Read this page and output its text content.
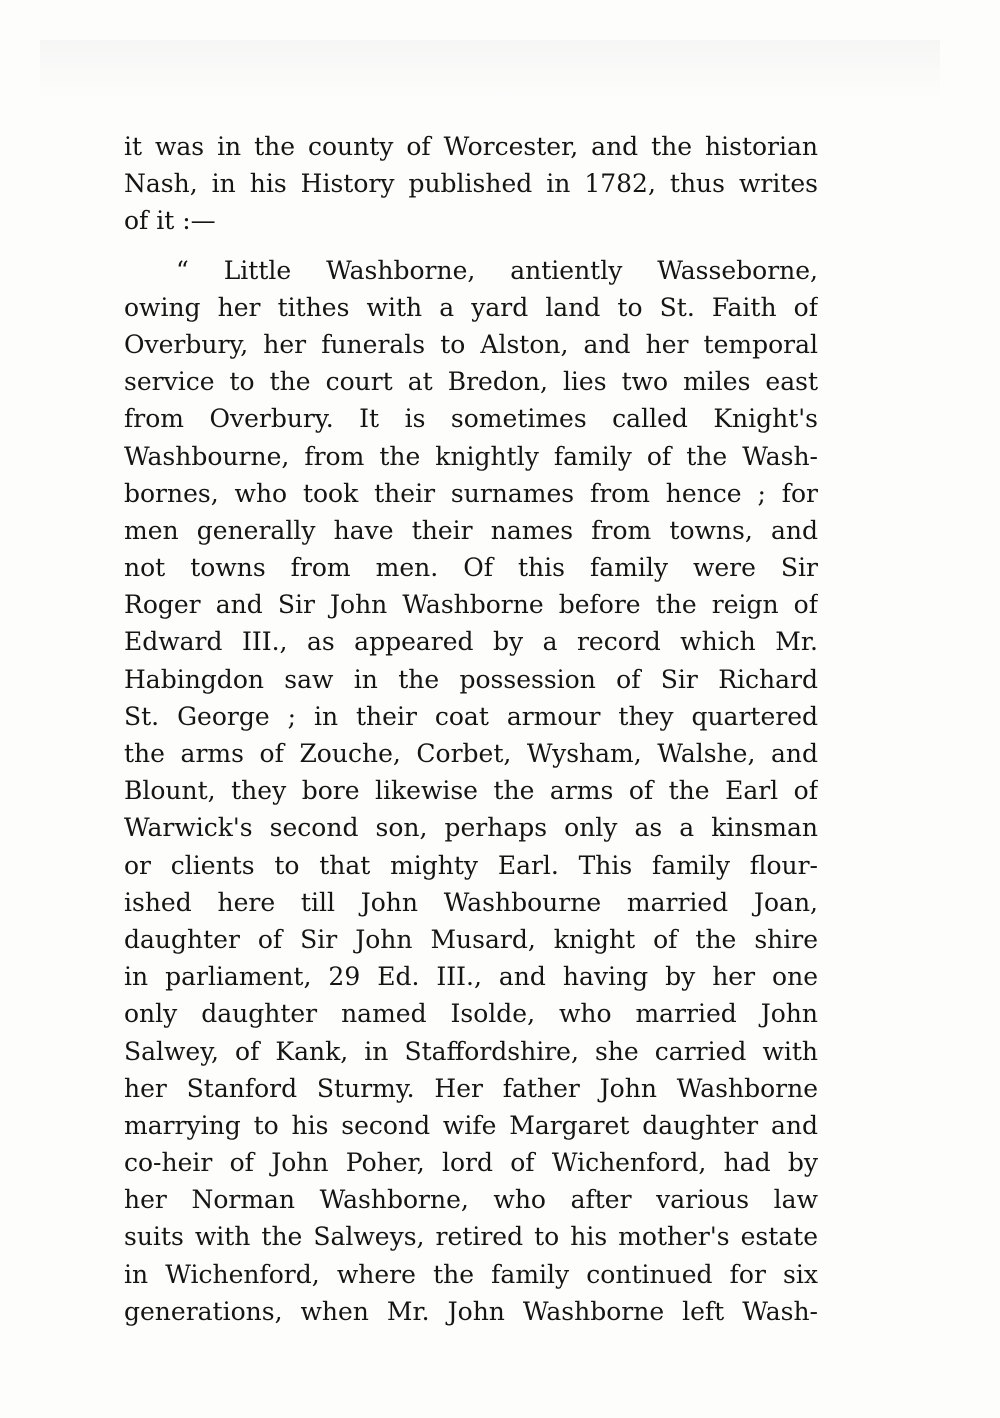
it was in the county of Worcester, and the historian
Nash, in his History published in 1782, thus writes
of it :—
“ Little Washborne, antiently Wasseborne,
owing her tithes with a yard land to St. Faith of
Overbury, her funerals to Alston, and her temporal
service to the court at Bredon, lies two miles east
from Overbury. It is sometimes called Knight's
Washbourne, from the knightly family of the Wash-
bornes, who took their surnames from hence ; for
men generally have their names from towns, and
not towns from men. Of this family were Sir
Roger and Sir John Washborne before the reign of
Edward III., as appeared by a record which Mr.
Habingdon saw in the possession of Sir Richard
St. George ; in their coat armour they quartered
the arms of Zouche, Corbet, Wysham, Walshe, and
Blount, they bore likewise the arms of the Earl of
Warwick's second son, perhaps only as a kinsman
or clients to that mighty Earl. This family flour-
ished here till John Washbourne married Joan,
daughter of Sir John Musard, knight of the shire
in parliament, 29 Ed. III., and having by her one
only daughter named Isolde, who married John
Salwey, of Kank, in Staffordshire, she carried with
her Stanford Sturmy. Her father John Washborne
marrying to his second wife Margaret daughter and
co-heir of John Poher, lord of Wichenford, had by
her Norman Washborne, who after various law
suits with the Salweys, retired to his mother's estate
in Wichenford, where the family continued for six
generations, when Mr. John Washborne left Wash-
